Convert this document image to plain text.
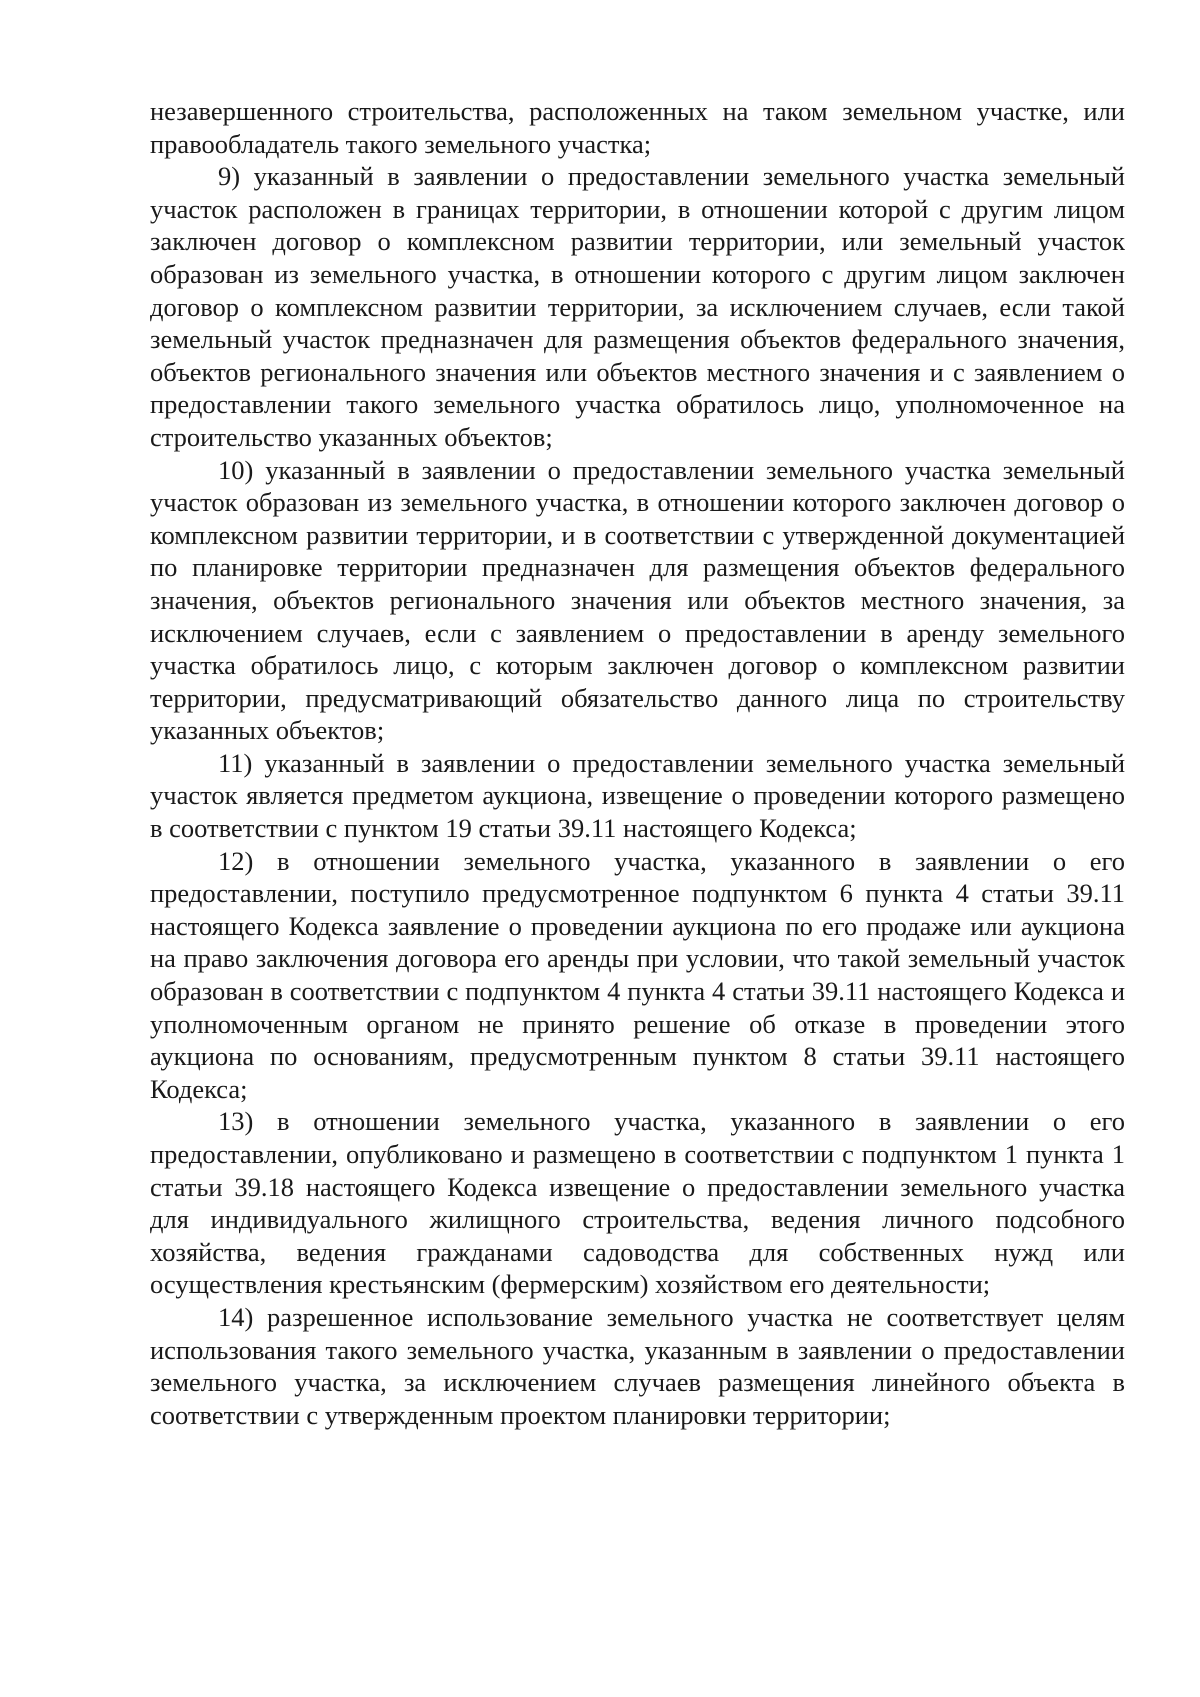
незавершенного строительства, расположенных на таком земельном участке, или правообладатель такого земельного участка;

9) указанный в заявлении о предоставлении земельного участка земельный участок расположен в границах территории, в отношении которой с другим лицом заключен договор о комплексном развитии территории, или земельный участок образован из земельного участка, в отношении которого с другим лицом заключен договор о комплексном развитии территории, за исключением случаев, если такой земельный участок предназначен для размещения объектов федерального значения, объектов регионального значения или объектов местного значения и с заявлением о предоставлении такого земельного участка обратилось лицо, уполномоченное на строительство указанных объектов;

10) указанный в заявлении о предоставлении земельного участка земельный участок образован из земельного участка, в отношении которого заключен договор о комплексном развитии территории, и в соответствии с утвержденной документацией по планировке территории предназначен для размещения объектов федерального значения, объектов регионального значения или объектов местного значения, за исключением случаев, если с заявлением о предоставлении в аренду земельного участка обратилось лицо, с которым заключен договор о комплексном развитии территории, предусматривающий обязательство данного лица по строительству указанных объектов;

11) указанный в заявлении о предоставлении земельного участка земельный участок является предметом аукциона, извещение о проведении которого размещено в соответствии с пунктом 19 статьи 39.11 настоящего Кодекса;

12) в отношении земельного участка, указанного в заявлении о его предоставлении, поступило предусмотренное подпунктом 6 пункта 4 статьи 39.11 настоящего Кодекса заявление о проведении аукциона по его продаже или аукциона на право заключения договора его аренды при условии, что такой земельный участок образован в соответствии с подпунктом 4 пункта 4 статьи 39.11 настоящего Кодекса и уполномоченным органом не принято решение об отказе в проведении этого аукциона по основаниям, предусмотренным пунктом 8 статьи 39.11 настоящего Кодекса;

13) в отношении земельного участка, указанного в заявлении о его предоставлении, опубликовано и размещено в соответствии с подпунктом 1 пункта 1 статьи 39.18 настоящего Кодекса извещение о предоставлении земельного участка для индивидуального жилищного строительства, ведения личного подсобного хозяйства, ведения гражданами садоводства для собственных нужд или осуществления крестьянским (фермерским) хозяйством его деятельности;

14) разрешенное использование земельного участка не соответствует целям использования такого земельного участка, указанным в заявлении о предоставлении земельного участка, за исключением случаев размещения линейного объекта в соответствии с утвержденным проектом планировки территории;
